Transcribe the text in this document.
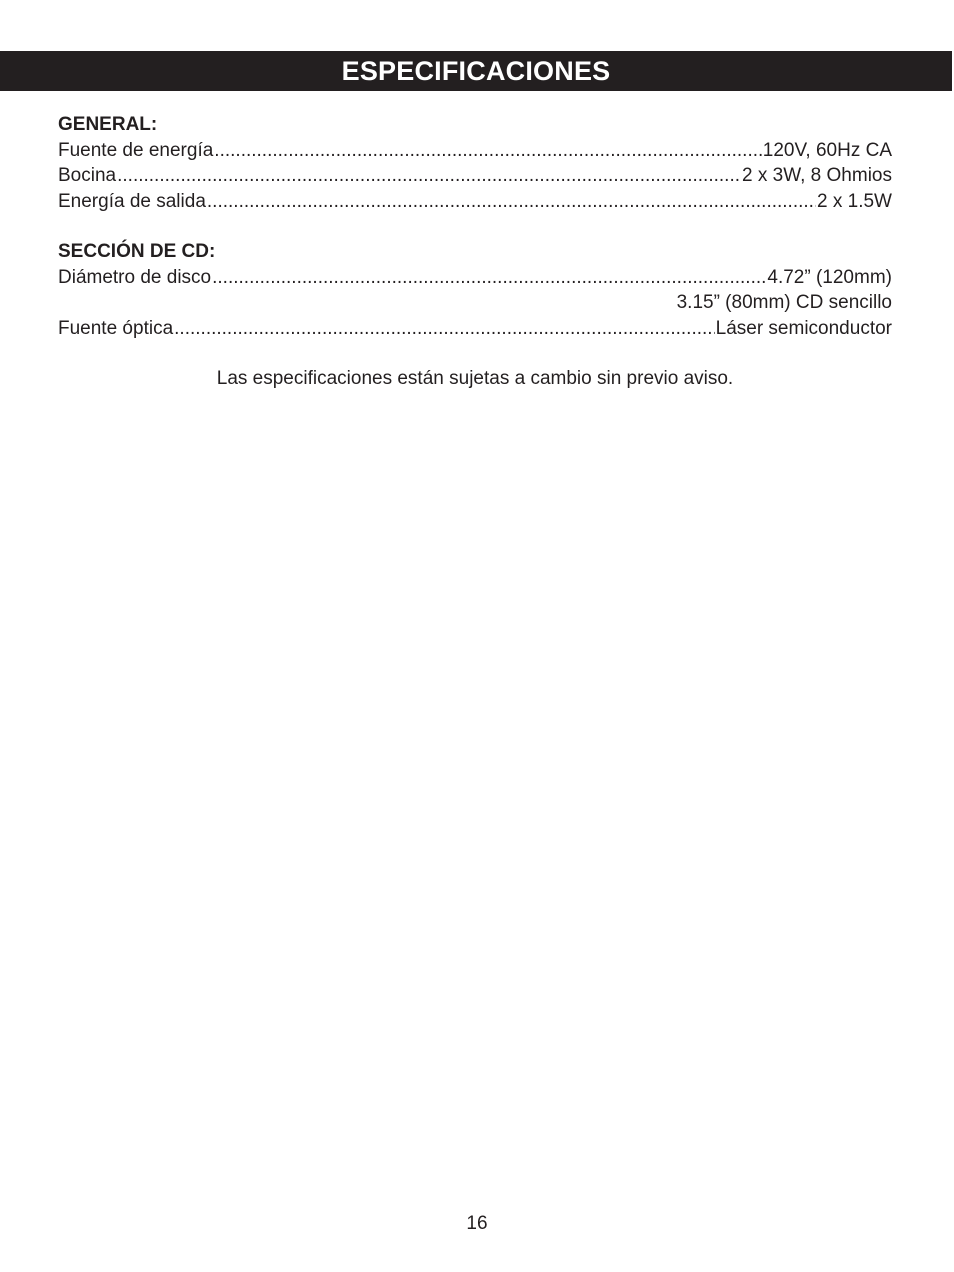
ESPECIFICACIONES

GENERAL:

Fuente de energía .....	120V, 60Hz CA
Bocina .....	2 x 3W, 8 Ohmios
Energía de salida .....	2 x 1.5W

SECCIÓN DE CD:

Diámetro de disco .....	4.72” (120mm)
3.15” (80mm) CD sencillo
Fuente óptica .....	Láser semiconductor

Las especificaciones están sujetas a cambio sin previo aviso.

16
